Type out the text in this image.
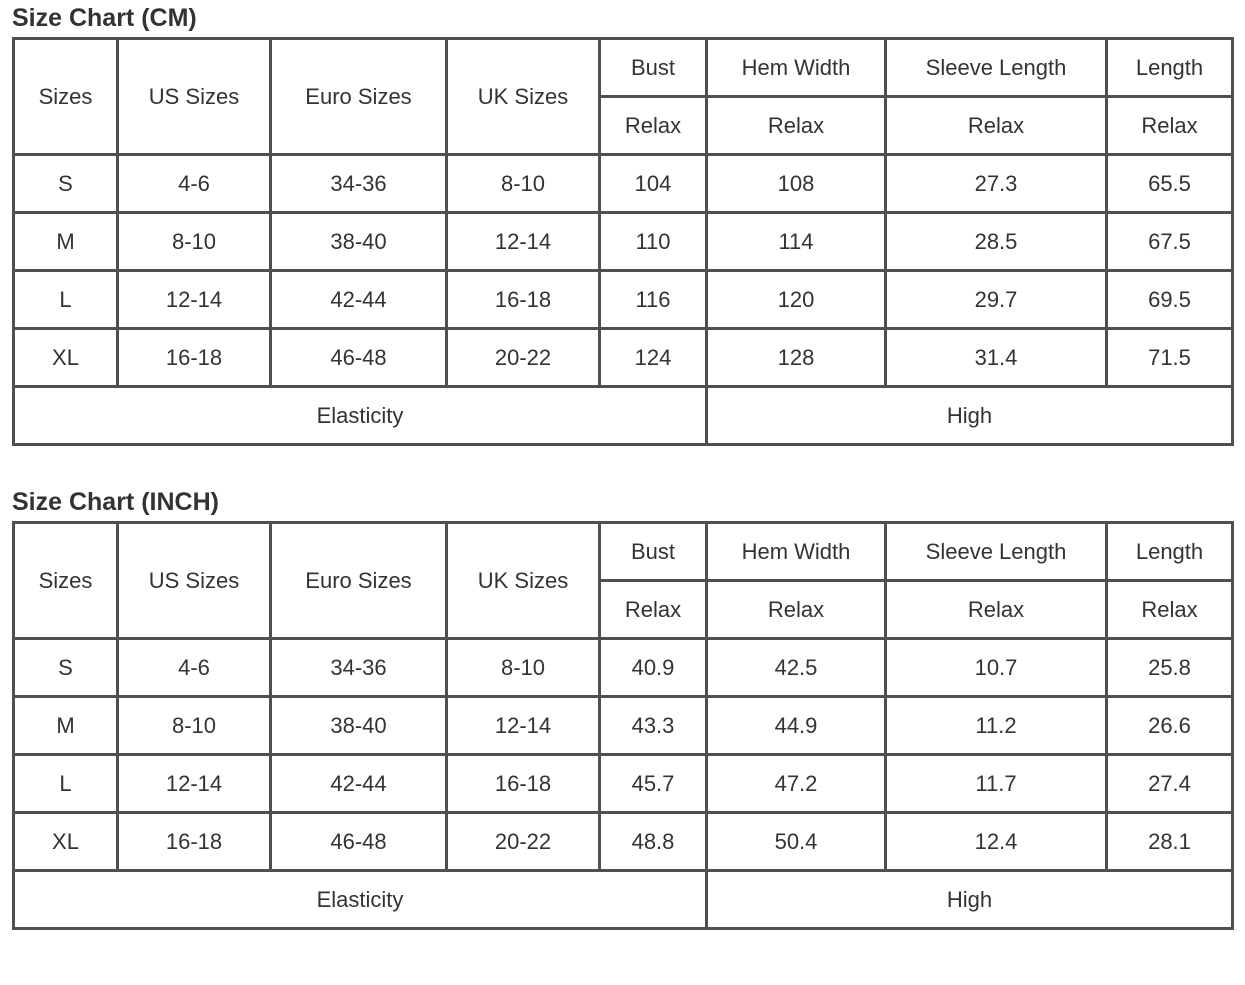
Size Chart (CM)
Sizes	US Sizes	Euro Sizes	UK Sizes	Bust	Hem Width	Sleeve Length	Length
				Relax	Relax	Relax	Relax
S	4-6	34-36	8-10	104	108	27.3	65.5
M	8-10	38-40	12-14	110	114	28.5	67.5
L	12-14	42-44	16-18	116	120	29.7	69.5
XL	16-18	46-48	20-22	124	128	31.4	71.5
Elasticity					High		
Size Chart (INCH)
Sizes	US Sizes	Euro Sizes	UK Sizes	Bust	Hem Width	Sleeve Length	Length
				Relax	Relax	Relax	Relax
S	4-6	34-36	8-10	40.9	42.5	10.7	25.8
M	8-10	38-40	12-14	43.3	44.9	11.2	26.6
L	12-14	42-44	16-18	45.7	47.2	11.7	27.4
XL	16-18	46-48	20-22	48.8	50.4	12.4	28.1
Elasticity					High		
